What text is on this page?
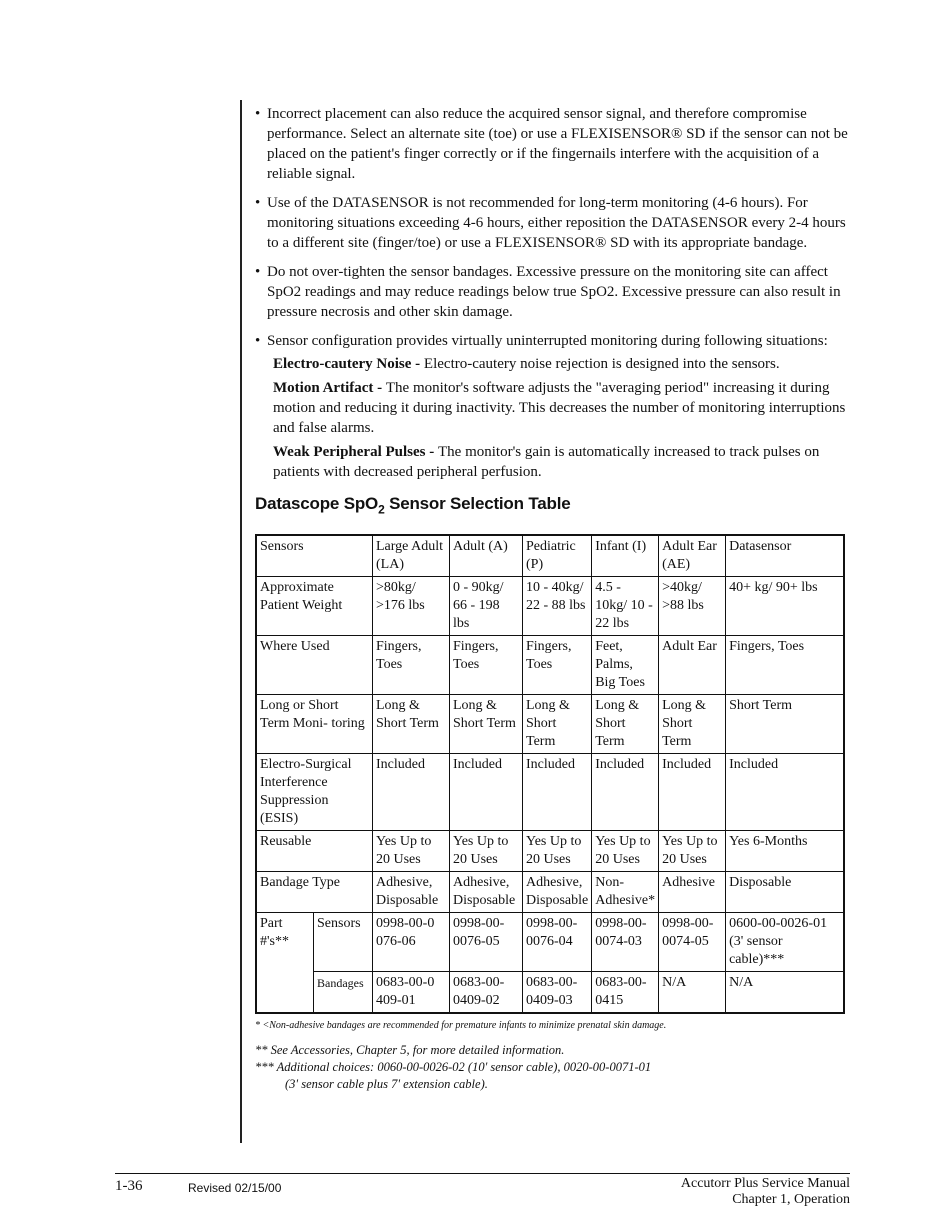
• Incorrect placement can also reduce the acquired sensor signal, and therefore compromise performance. Select an alternate site (toe) or use a FLEXISENSOR® SD if the sensor can not be placed on the patient's finger correctly or if the fingernails interfere with the acquisition of a reliable signal.
• Use of the DATASENSOR is not recommended for long-term monitoring (4-6 hours). For monitoring situations exceeding 4-6 hours, either reposition the DATASENSOR every 2-4 hours to a different site (finger/toe) or use a FLEXISENSOR® SD with its appropriate bandage.
• Do not over-tighten the sensor bandages. Excessive pressure on the monitoring site can affect SpO2 readings and may reduce readings below true SpO2. Excessive pressure can also result in pressure necrosis and other skin damage.
• Sensor configuration provides virtually uninterrupted monitoring during following situations:
Electro-cautery Noise - Electro-cautery noise rejection is designed into the sensors.
Motion Artifact - The monitor's software adjusts the "averaging period" increasing it during motion and reducing it during inactivity. This decreases the number of monitoring interruptions and false alarms.
Weak Peripheral Pulses - The monitor's gain is automatically increased to track pulses on patients with decreased peripheral perfusion.
Datascope SpO$_2$ Sensor Selection Table
Sensors		Large Adult (LA)	Adult (A)	Pediatric (P)	Infant (I)	Adult Ear (AE)	Datasensor
Approximate Patient Weight		>80kg/ >176 lbs	0 - 90kg/ 66 - 198 lbs	10 - 40kg/ 22 - 88 lbs	4.5 - 10kg/ 10 - 22 lbs	>40kg/ >88 lbs	40+ kg/ 90+ lbs
Where Used		Fingers, Toes	Fingers, Toes	Fingers, Toes	Feet, Palms, Big Toes	Adult Ear	Fingers, Toes
Long or Short Term Moni- toring		Long & Short Term	Long & Short Term	Long & Short Term	Long & Short Term	Long & Short Term	Short Term
Electro-Surgical Interference Suppression (ESIS)		Included	Included	Included	Included	Included	Included
Reusable		Yes Up to 20 Uses	Yes Up to 20 Uses	Yes Up to 20 Uses	Yes Up to 20 Uses	Yes Up to 20 Uses	Yes 6-Months
Bandage Type		Adhesive, Disposable	Adhesive, Disposable	Adhesive, Disposable	Non- Adhesive*	Adhesive	Disposable
Part #'s**	Sensors	0998-00-0 076-06	0998-00- 0076-05	0998-00- 0076-04	0998-00- 0074-03	0998-00- 0074-05	0600-00-0026-01 (3' sensor cable)***
	Bandages	0683-00-0 409-01	0683-00- 0409-02	0683-00- 0409-03	0683-00- 0415	N/A	N/A
* <Non-adhesive bandages are recommended for premature infants to minimize prenatal skin damage.
** See Accessories, Chapter 5, for more detailed information.
*** Additional choices: 0060-00-0026-02 (10' sensor cable), 0020-00-0071-01
(3' sensor cable plus 7' extension cable).
1-36	Revised 02/15/00	Accutorr Plus Service Manual
Chapter 1, Operation
